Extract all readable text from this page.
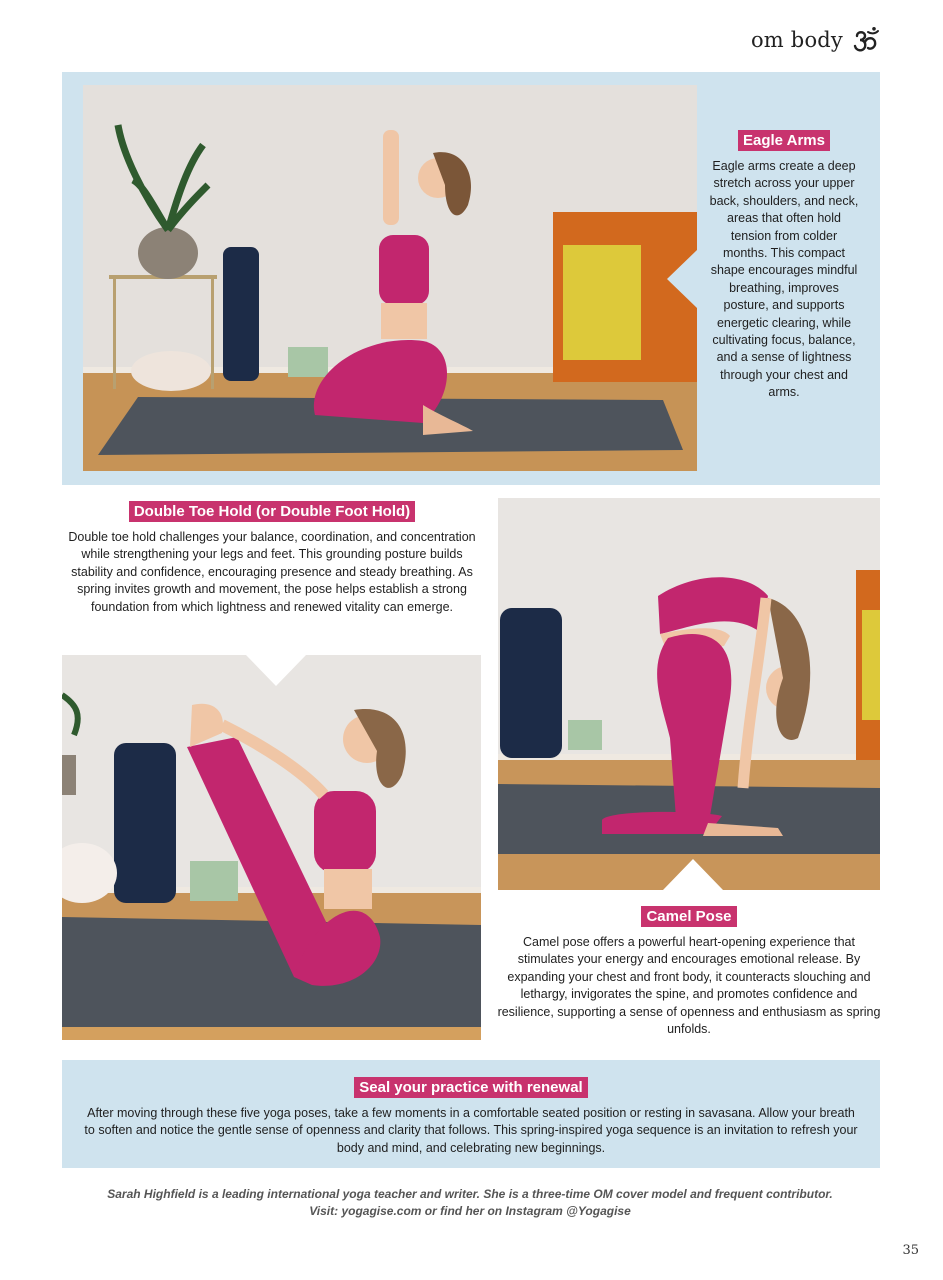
om body
Eagle Arms

Eagle arms create a deep stretch across your upper back, shoulders, and neck, areas that often hold tension from colder months. This compact shape encourages mindful breathing, improves posture, and supports energetic clearing, while cultivating focus, balance, and a sense of lightness through your chest and arms.

Double Toe Hold (or Double Foot Hold)

Double toe hold challenges your balance, coordination, and concentration while strengthening your legs and feet. This grounding posture builds stability and confidence, encouraging presence and steady breathing. As spring invites growth and movement, the pose helps establish a strong foundation from which lightness and renewed vitality can emerge.

Camel Pose

Camel pose offers a powerful heart-opening experience that stimulates your energy and encourages emotional release. By expanding your chest and front body, it counteracts slouching and lethargy, invigorates the spine, and promotes confidence and resilience, supporting a sense of openness and enthusiasm as spring unfolds.

Seal your practice with renewal

After moving through these five yoga poses, take a few moments in a comfortable seated position or resting in savasana. Allow your breath to soften and notice the gentle sense of openness and clarity that follows. This spring-inspired yoga sequence is an invitation to refresh your body and mind, and celebrating new beginnings.

Sarah Highfield is a leading international yoga teacher and writer. She is a three-time OM cover model and frequent contributor.
Visit: yogagise.com or find her on Instagram @Yogagise
35
